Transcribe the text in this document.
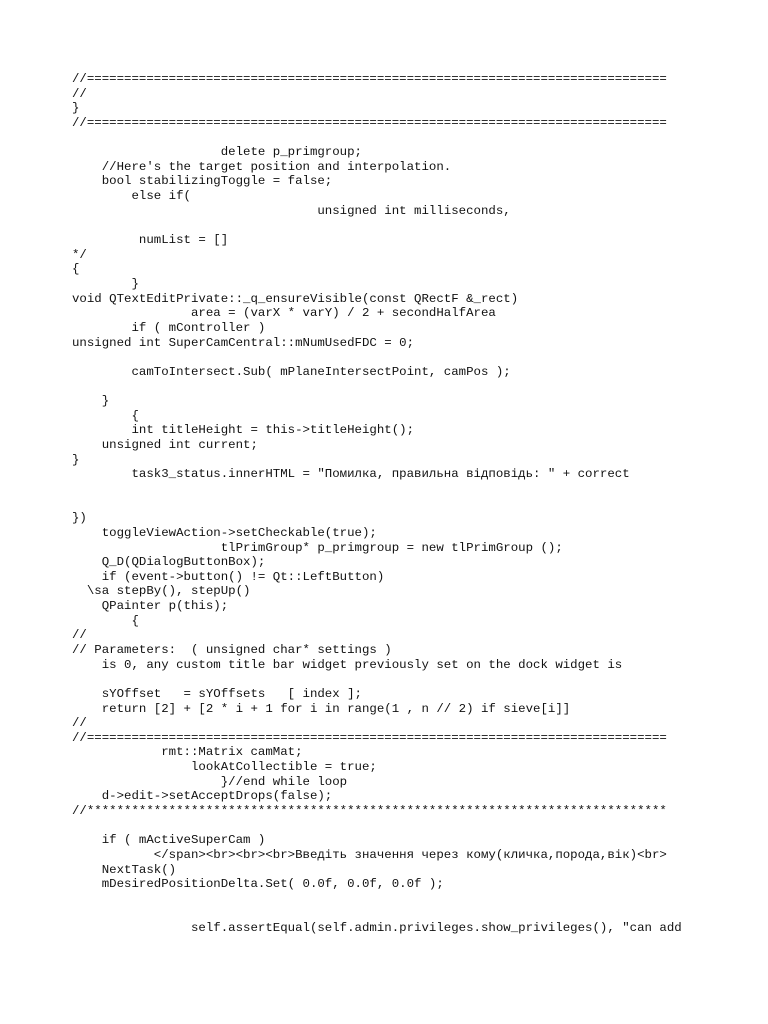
//==============================================================================
//
}
//==============================================================================

delete p_primgroup;
//Here's the target position and interpolation.
bool stabilizingToggle = false;
else if(
unsigned int milliseconds,

numList = []
*/
{
}
void QTextEditPrivate::_q_ensureVisible(const QRectF &_rect)
area = (varX * varY) / 2 + secondHalfArea
if ( mController )
unsigned int SuperCamCentral::mNumUsedFDC = 0;

camToIntersect.Sub( mPlaneIntersectPoint, camPos );

}
{
int titleHeight = this->titleHeight();
unsigned int current;
}
task3_status.innerHTML = "Помилка, правильна відповідь: " + correct

})
toggleViewAction->setCheckable(true);
tlPrimGroup* p_primgroup = new tlPrimGroup ();
Q_D(QDialogButtonBox);
if (event->button() != Qt::LeftButton)
\sa stepBy(), stepUp()
QPainter p(this);
{
//
// Parameters:  ( unsigned char* settings )
is 0, any custom title bar widget previously set on the dock widget is

sYOffset   = sYOffsets   [ index ];
return [2] + [2 * i + 1 for i in range(1 , n // 2) if sieve[i]]
//
//==============================================================================
rmt::Matrix camMat;
lookAtCollectible = true;
}//end while loop
d->edit->setAcceptDrops(false);
//******************************************************************************

if ( mActiveSuperCam )
</span><br><br><br>Введіть значення через кому(кличка,порода,вік)<br>
NextTask()
mDesiredPositionDelta.Set( 0.0f, 0.0f, 0.0f );

self.assertEqual(self.admin.privileges.show_privileges(), "can add
